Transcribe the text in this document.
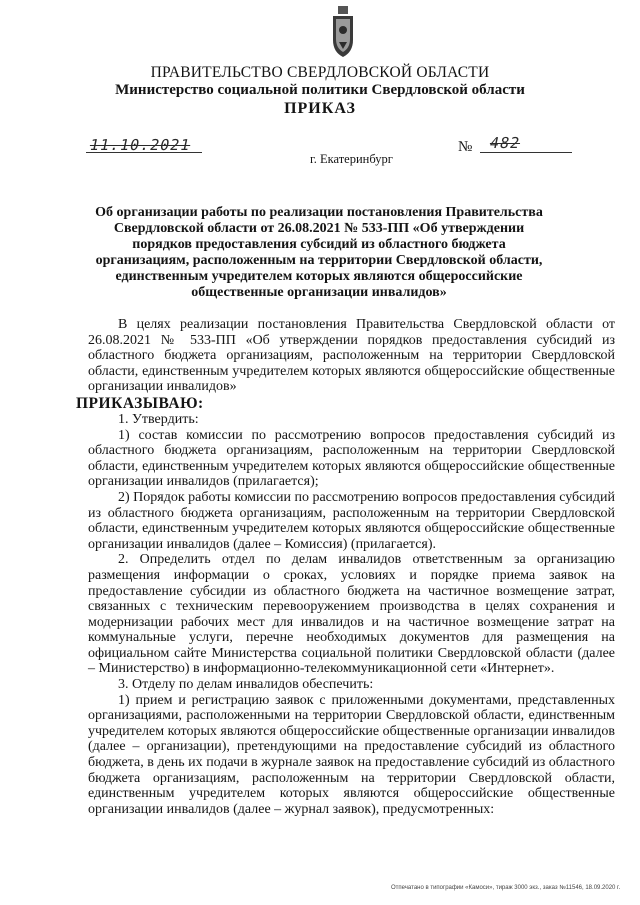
ПРАВИТЕЛЬСТВО СВЕРДЛОВСКОЙ ОБЛАСТИ
Министерство социальной политики Свердловской области
ПРИКАЗ
11.10.2021	№ 482
г. Екатеринбург
Об организации работы по реализации постановления Правительства Свердловской области от 26.08.2021 № 533-ПП «Об утверждении порядков предоставления субсидий из областного бюджета организациям, расположенным на территории Свердловской области, единственным учредителем которых являются общероссийские общественные организации инвалидов»

В целях реализации постановления Правительства Свердловской области от 26.08.2021 № 533-ПП «Об утверждении порядков предоставления субсидий из областного бюджета организациям, расположенным на территории Свердловской области, единственным учредителем которых являются общероссийские общественные организации инвалидов»

ПРИКАЗЫВАЮ:

1. Утвердить:

1) состав комиссии по рассмотрению вопросов предоставления субсидий из областного бюджета организациям, расположенным на территории Свердловской области, единственным учредителем которых являются общероссийские общественные организации инвалидов (прилагается);

2) Порядок работы комиссии по рассмотрению вопросов предоставления субсидий из областного бюджета организациям, расположенным на территории Свердловской области, единственным учредителем которых являются общероссийские общественные организации инвалидов (далее – Комиссия) (прилагается).

2. Определить отдел по делам инвалидов ответственным за организацию размещения информации о сроках, условиях и порядке приема заявок на предоставление субсидии из областного бюджета на частичное возмещение затрат, связанных с техническим перевооружением производства в целях сохранения и модернизации рабочих мест для инвалидов и на частичное возмещение затрат на коммунальные услуги, перечне необходимых документов для размещения на официальном сайте Министерства социальной политики Свердловской области (далее – Министерство) в информационно-телекоммуникационной сети «Интернет».

3. Отделу по делам инвалидов обеспечить:

1) прием и регистрацию заявок с приложенными документами, представленных организациями, расположенными на территории Свердловской области, единственным учредителем которых являются общероссийские общественные организации инвалидов (далее – организации), претендующими на предоставление субсидий из областного бюджета, в день их подачи в журнале заявок на предоставление субсидий из областного бюджета организациям, расположенным на территории Свердловской области, единственным учредителем которых являются общероссийские общественные организации инвалидов (далее – журнал заявок), предусмотренных:

Отпечатано в типографии «Камоси», тираж 3000 экз., заказ №11546, 18.09.2020 г.
